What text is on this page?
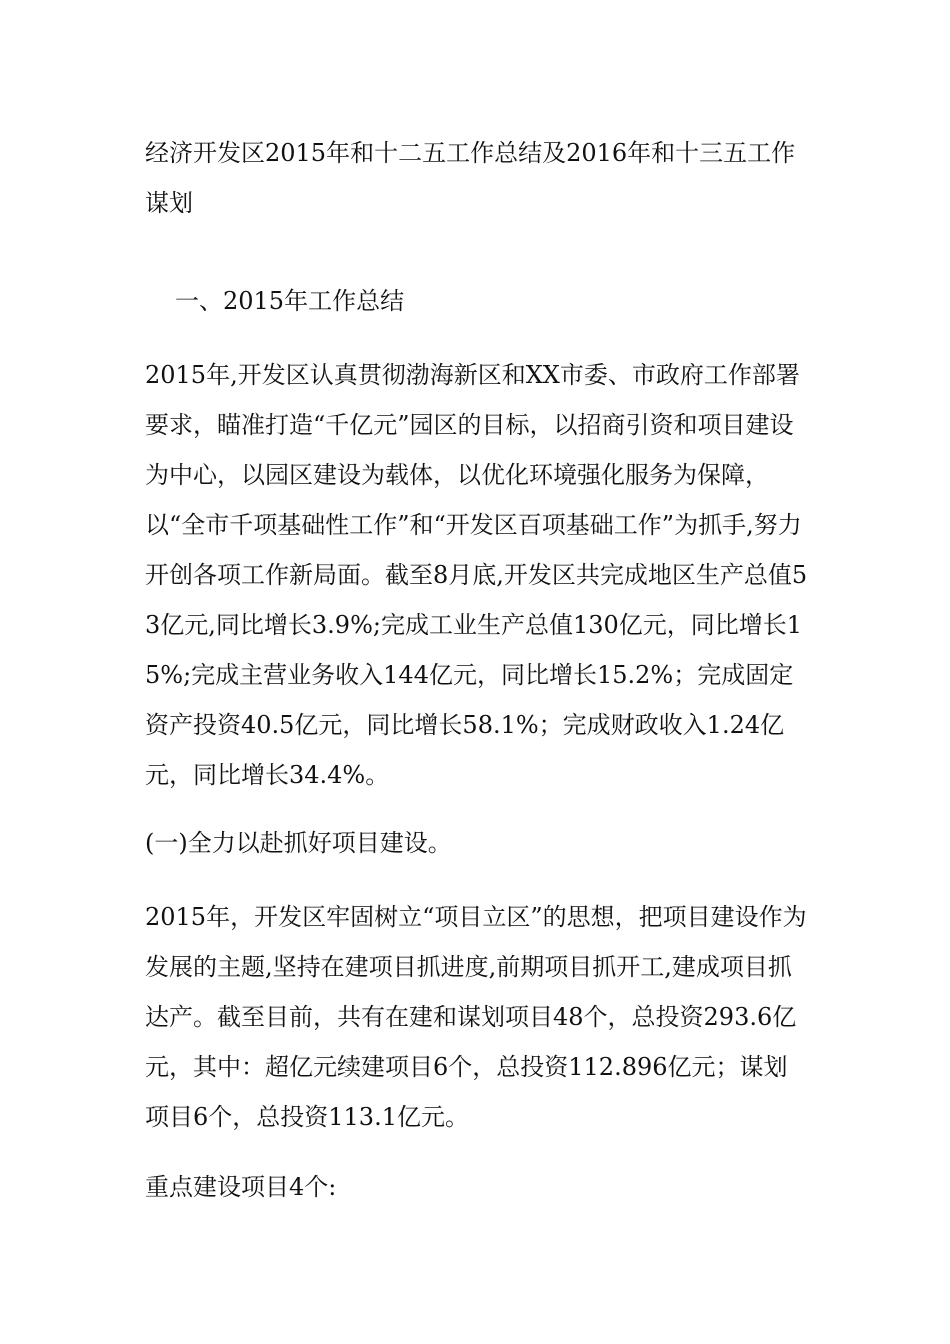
经济开发区2015年和十二五工作总结及2016年和十三五工作谋划

一、2015年工作总结

2015年,开发区认真贯彻渤海新区和XX市委、市政府工作部署要求，瞄准打造“千亿元”园区的目标，以招商引资和项目建设为中心，以园区建设为载体，以优化环境强化服务为保障，以“全市千项基础性工作”和“开发区百项基础工作”为抓手,努力开创各项工作新局面。截至8月底,开发区共完成地区生产总值53亿元,同比增长3.9%;完成工业生产总值130亿元，同比增长15%;完成主营业务收入144亿元，同比增长15.2%；完成固定资产投资40.5亿元，同比增长58.1%；完成财政收入1.24亿元，同比增长34.4%。

(一)全力以赴抓好项目建设。

2015年，开发区牢固树立“项目立区”的思想，把项目建设作为发展的主题,坚持在建项目抓进度,前期项目抓开工,建成项目抓达产。截至目前，共有在建和谋划项目48个，总投资293.6亿元，其中：超亿元续建项目6个，总投资112.896亿元；谋划项目6个，总投资113.1亿元。

重点建设项目4个:
